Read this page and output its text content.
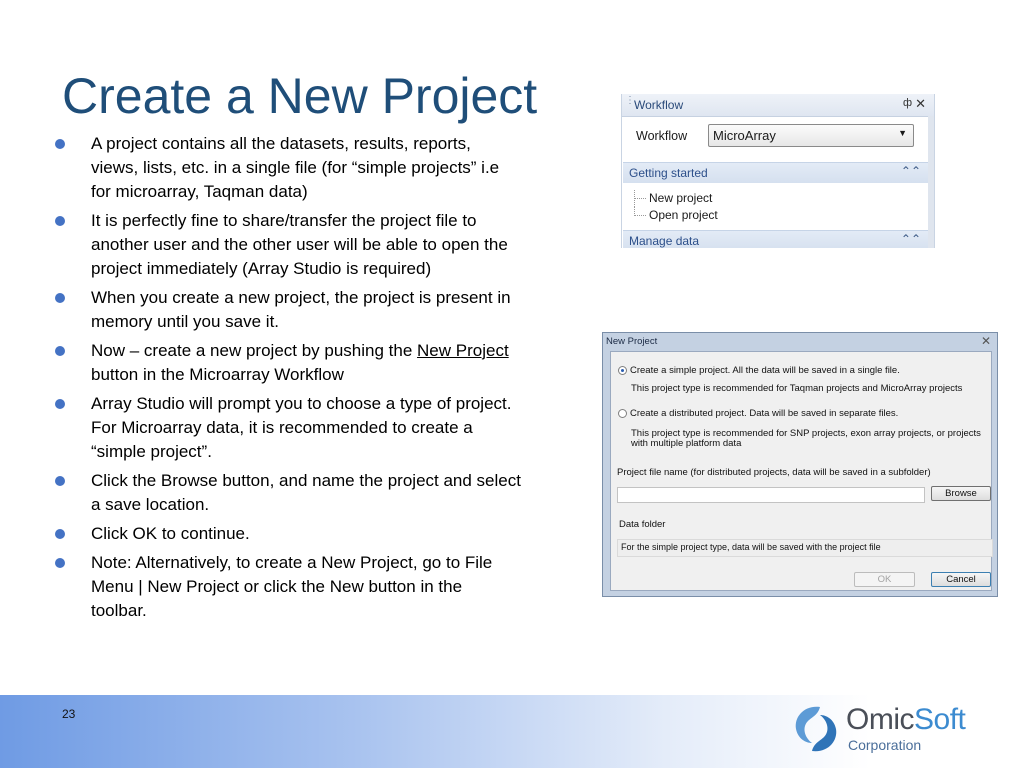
Create a New Project
A project contains all the datasets, results, reports, views, lists, etc. in a single file (for “simple projects” i.e for microarray, Taqman data)
It is perfectly fine to share/transfer the project file to another user and the other user will be able to open the project immediately (Array Studio is required)
When you create a new project, the project is present in memory until you save it.
Now – create a new project by pushing the New Project button in the Microarray Workflow
Array Studio will prompt you to choose a type of project. For Microarray data, it is recommended to create a “simple project”.
Click the Browse button, and name the project and select a save location.
Click OK to continue.
Note: Alternatively, to create a New Project, go to File Menu | New Project or click the New button in the toolbar.
⋮ Workflow	ф ✕
Workflow MicroArray	▼
Getting started	⌃⌃
New project
Open project
Manage data	⌃⌃
New Project	✕
Create a simple project. All the data will be saved in a single file.
This project type is recommended for Taqman projects and MicroArray projects
Create a distributed project. Data will be saved in separate files.
This project type is recommended for SNP projects, exon array projects, or projects
with multiple platform data
Project file name (for distributed projects, data will be saved in a subfolder)
Browse
Data folder
For the simple project type, data will be saved with the project file
OK	Cancel
23	OmicSoft
Corporation
